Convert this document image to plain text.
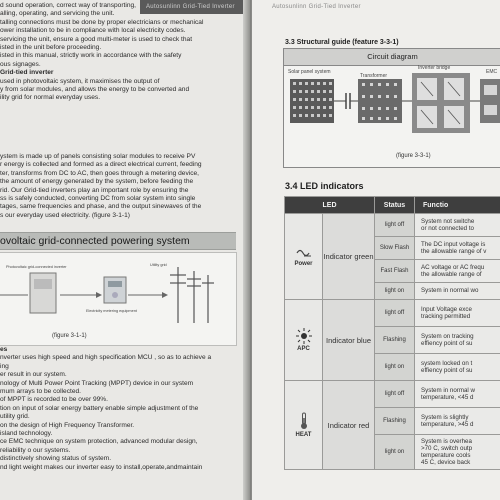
Autosunlinn Grid-Tied Inverter

d sound operation, correct way of transporting,

alling, operating, and servicing the unit.

talling connections must be done by proper electricians or mechanical

ower installation to be in compliance with local electricity codes.

servicing the unit, ensure a good multi-meter is used to check that

isted in the unit before proceeding.

isted in this manual, strictly work in accordance with the safety

ous signages.

Grid-tied inverter

used in photovoltaic system, it maximises the output of

y from solar modules, and allows the energy to be converted and

ility grid for normal everyday uses.

ystem is made up of panels consisting solar modules to receive PV

r energy is collected and formed as a direct electrical current, feeding

ter, transforms from DC to AC, then goes through a metering device,

the amount of energy generated by the system, before feeding the

rid. Our Grid-tied inverters play an important role by ensuring the

ss is safely conducted, converting DC from solar system into single

tages, same frequencies and phase, and the output sinewaves of the

s our everyday used electricity. (figure 3-1-1)

ovoltaic grid-connected powering system
Photovoltaic grid-connected inverter
Electricity metering equipment
Utility grid
(figure 3-1-1)

es

nverter uses high speed and high specification MCU , so as to achieve a

ing

er result in our system.

nology of Multi Power Point Tracking (MPPT) device in our system

mum arrays to be collected.

of MPPT is recorded to be over 99%.

tion on input of solar energy battery enable simple adjustment of the

utility grid.

on the design of High Frequency Transformer.

island technology.

ce EMC technique on system protection, advanced modular design,

reliability o our systems.

distinctively showing status of system.

nd light weight makes our inverter easy to install,operate,andmaintain

Autosunlinn Grid-Tied Inverter
3.3 Structural guide (feature 3-3-1)
Circuit diagram
Solar panel system
Transformer
Inverter bridge
EMC
(figure 3-3-1)
3.4 LED indicators
LED		Status	Functio

Power	Indicator green	light off	System not switche
or not connected to
		Slow Flash	The DC input voltage is
the allowable range of v
		Fast Flash	AC voltage or AC frequ
the allowable range of
		light on	System in normal wo

APC	Indicator blue	light off	Input Voltage exce
tracking permitted
		Flashing	System on tracking
effiency point of su
		light on	system locked on t
effiency point of su

HEAT	Indicator red	light off	System in normal w
temperature, <45 d
		Flashing	System is slightly
temperature, >45 d
		light on	System is overhea
>70 C, switch outp
temperature cools
45 C, device back
